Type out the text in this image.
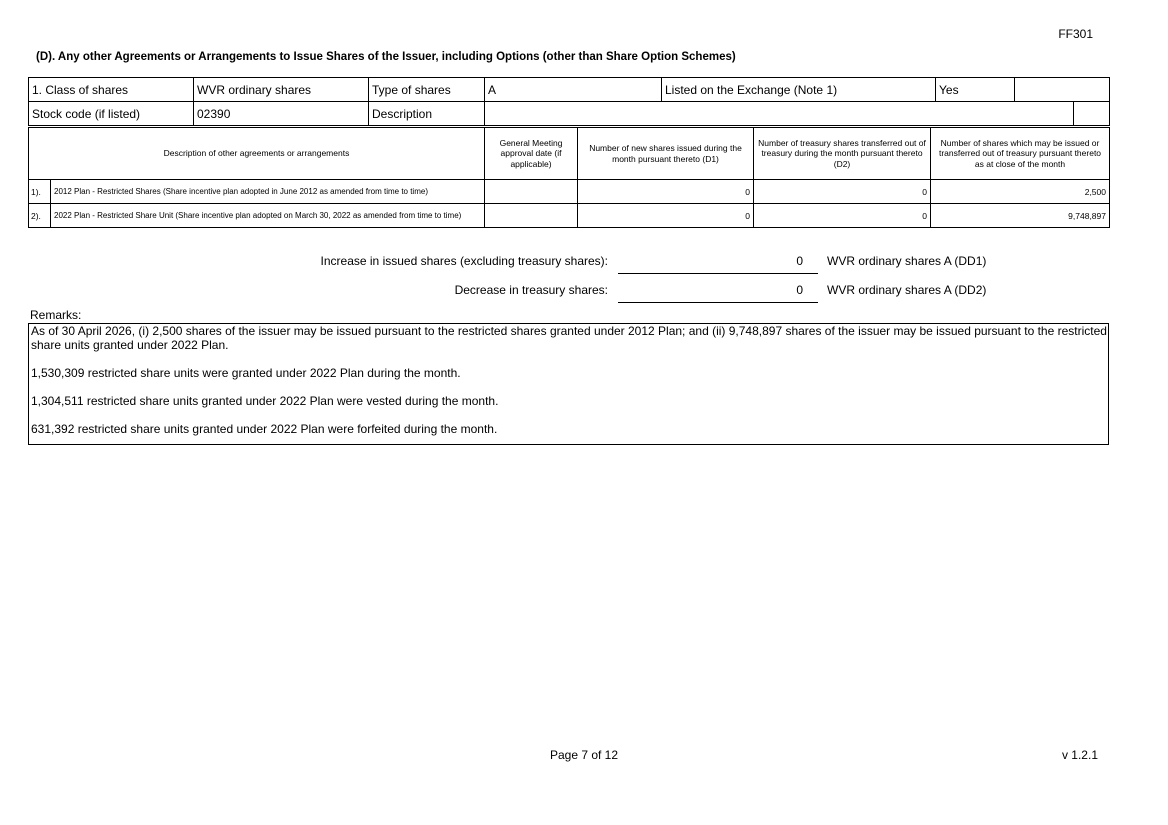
FF301
(D). Any other Agreements or Arrangements to Issue Shares of the Issuer, including Options (other than Share Option Schemes)
1. Class of shares	WVR ordinary shares	Type of shares	A	Listed on the Exchange (Note 1)	Yes		
Stock code (if listed)	02390	Description					
Description of other agreements or arrangements		General Meeting approval date (if applicable)	Number of new shares issued during the month pursuant thereto (D1)	Number of treasury shares transferred out of treasury during the month pursuant thereto (D2)	Number of shares which may be issued or transferred out of treasury pursuant thereto as at close of the month
1).	2012 Plan - Restricted Shares (Share incentive plan adopted in June 2012 as amended from time to time)		0	0	2,500
2).	2022 Plan - Restricted Share Unit (Share incentive plan adopted on March 30, 2022 as amended from time to time)		0	0	9,748,897
Increase in issued shares (excluding treasury shares):	0 WVR ordinary shares A (DD1)
Decrease in treasury shares:	0 WVR ordinary shares A (DD2)
Remarks:

As of 30 April 2026, (i) 2,500 shares of the issuer may be issued pursuant to the restricted shares granted under 2012 Plan; and (ii) 9,748,897 shares of the issuer may be issued pursuant to the restricted share units granted under 2022 Plan.

1,530,309 restricted share units were granted under 2022 Plan during the month.

1,304,511 restricted share units granted under 2022 Plan were vested during the month.

631,392 restricted share units granted under 2022 Plan were forfeited during the month.

Page 7 of 12	v 1.2.1
